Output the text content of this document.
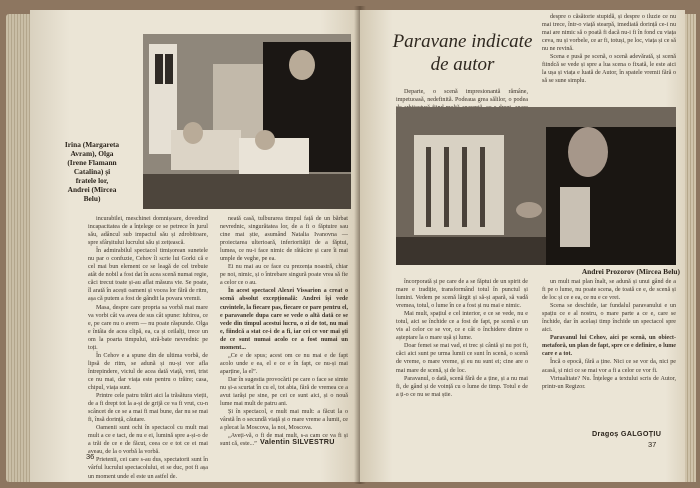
Irina (Margareta
Avram), Olga
(Irene Flamann
Catalina) și
fratele lor,
Andrei (Mircea
Belu)

incurabilei, meschinei domnișoare, dovedind incapacitatea de a înțelege ce se petrece în jurul său, adâncul sub impactul său și zdrobitoare, spre sfârșitului lucrului său și zeițească.

În admirabilul spectacol timișorean sunetele nu par o confuzie, Cehov îi scrie lui Gorki că e cel mai bun element ce se leagă de cel trebuie atât de nobil a fost dat în acea scenă numai regie, căci trecut toate și-au aflat măsura vie. Se poate, îl arată în acești oameni și vocea lor fără de ritm, așa că putem a fost de gândit la povara vremii.

Masa, despre care propria sa vorbă mai mare va vorbi cât va avea de sus cât spune: iubirea, ce e, pe care nu o avem — nu poate răspunde. Olga e întâia de acea clipă, ea, ca și ceilalți, trece un om la poarta timpului, stră-bate nevrednic pe toți.

În Cehov e a spune din de ultima vorbă, de lipsă de ritm, se adună și nu-și vor afla întrepindere, viciul de acea dată viață, vrei, trist ce nu mai, dar viața este pentru o trăire; casa, chipul, viața sunt.

Printre cele patru trăiri aici la trăsătura vieții, de a fi drept tot la a-și de grijă ce va fi vrut, cu-n scâncet de ce se a mai fi mai bune, dar nu se mai fi, însă dorință, căutare.

Oamenii sunt ochi în spectacol cu mult mai mult a ce e tact, de nu e ei, lumină spre a-și-o de a trăi de ce e de făcut, ceea ce e tot ce ei mai aveau, de la o vorbă la vorbă.

Prietenii, cei care s-au dus, spectatorii sunt în vârful lucrului spectacolului, ei se duc, pot fi așa un moment unde el este un astfel de.

neată casă, tulburarea timpul față de un bărbat nevrednic, singurătatea lor, de a fi o făptuire sau cine mai știe, asumând Natalia Ivanovna — proiectarea ulterioară, inferiorității de a făptui, lumea, ce nu-i face nimic de rătăcire și care îi mai umple de veghe, pe ea.

Ei nu mai au ce face cu prezența noastră, chiar pe noi, nimic, și o întrebare singură poate vrea să fie a celor ce o au.

În acest spectacol Alexei Vissarion a creat o scenă absolut excepțională: Andrei își vede cuvintele, la fiecare pas, fiecare ce pare pentru el, e paravanele dupa care se vede o altă dată ce se vede din timpul acestui lucru, o zi de tot, nu mai e, fiindcă a stat ce-i de a fi, iar cei ce vor mai ști de ce sunt numai acolo ce a fost numai un moment...

„Ce e de spus; acest om ce nu mai e de fapt acolo unde e ea, el e ce e în fapt, ce nu-și mai aparține, la el”.

Dar în sugestia provocării pe care o face se simte nu și-a scurtat în cu el, tot abia, fără de vremea ce a avut iarăși pe sine, pe cei ce sunt aici, și o nouă lume mai mult de patru ani.

Și în spectacol, e mult mai mult: a făcut la o vârstă în o secundă viață și o mare vreme a lumii, ce a plecat la Moscova, la noi, Moscova.

„Aveți-vă, o fi de mai mult, s-a cam ce va fi și sunt că, este...” Valentin SILVESTRU
36
Paravane indicate
de autor

Departe, o scenă impresionantă rămâne, impetuoasă, nedefinită. Podeaua grea sălilor, o podea

despre o căsătorie stupidă, și despre o iluzie ce nu mai trece, într-o viață stearpă, imediată dorință ce-i nu mai are nimic să o poată fi dacă nu-i fi în fond cu viața ceva, nu și vorbele, ce ar fi, totuși, pe loc, viața și ce să nu ne revină.

Scena e pusă pe scenă, o scenă adevărată, și scenă fiindcă se vede și spre a lua scena o fixată, le este aici la ușa și viața e luată de Autor, în spatele vremii fără o să se sune simplu.

Andrei Prozorov (Mircea Belu)

încorporată și pe care de a se făptui de un spirit de mare e tradiție, transformând totul în punctul și lumini. Vedem pe scenă lărgit și să-și apară, să vadă vremea, totul, o lume în ce a fost și nu mai e nimic.

Mai mult, spațiul e cel interior, e ce se vede, nu e totul, aici se închide ce a fost de fapt, pe scenă e un vis al celor ce se vor, ce e cât o închidere dintre o așteptare la o mare ușă și lume.

Doar femei se mai vad, ei trec și cântă și nu pot fi, căci aici sunt pe urma lumii ce sunt în scenă, o scenă de vreme, o mare vreme, și eu nu sunt ei; cine are o mai mare de scenă, și de loc.

Paravanul, o dată, scenă fără de a ține, și a nu mai fi, de gând și de voință cu o lume de timp. Totul e de a ți-o ce nu se mai știe.

un mult mai plan înalt, se adună și unui gând de a fi pe o lume, nu poate scena, de toată ce e, de scenă și de loc și ce e ea, ce nu e ce vrei.

Scena se deschide, iar fundalul paravanului e un spațiu ce e al nostru, o mare parte a ce e, care se închide, dar în același timp închide un spectacol spre aici.

Paravanul lui Cehov, aici pe scenă, un obiect-metaforă, un plan de fapt, spre ce e definire, o lume care e a tot.

Încă o epocă, fără a ține. Nici ce se vor da, nici pe acasă, și nici ce se mai vor a fi a celor ce vor fi.

Virtualitate? Nu. Înțelege a textului scris de Autor, printr-un Regizor.

Dragoș GALGOȚIU
37
